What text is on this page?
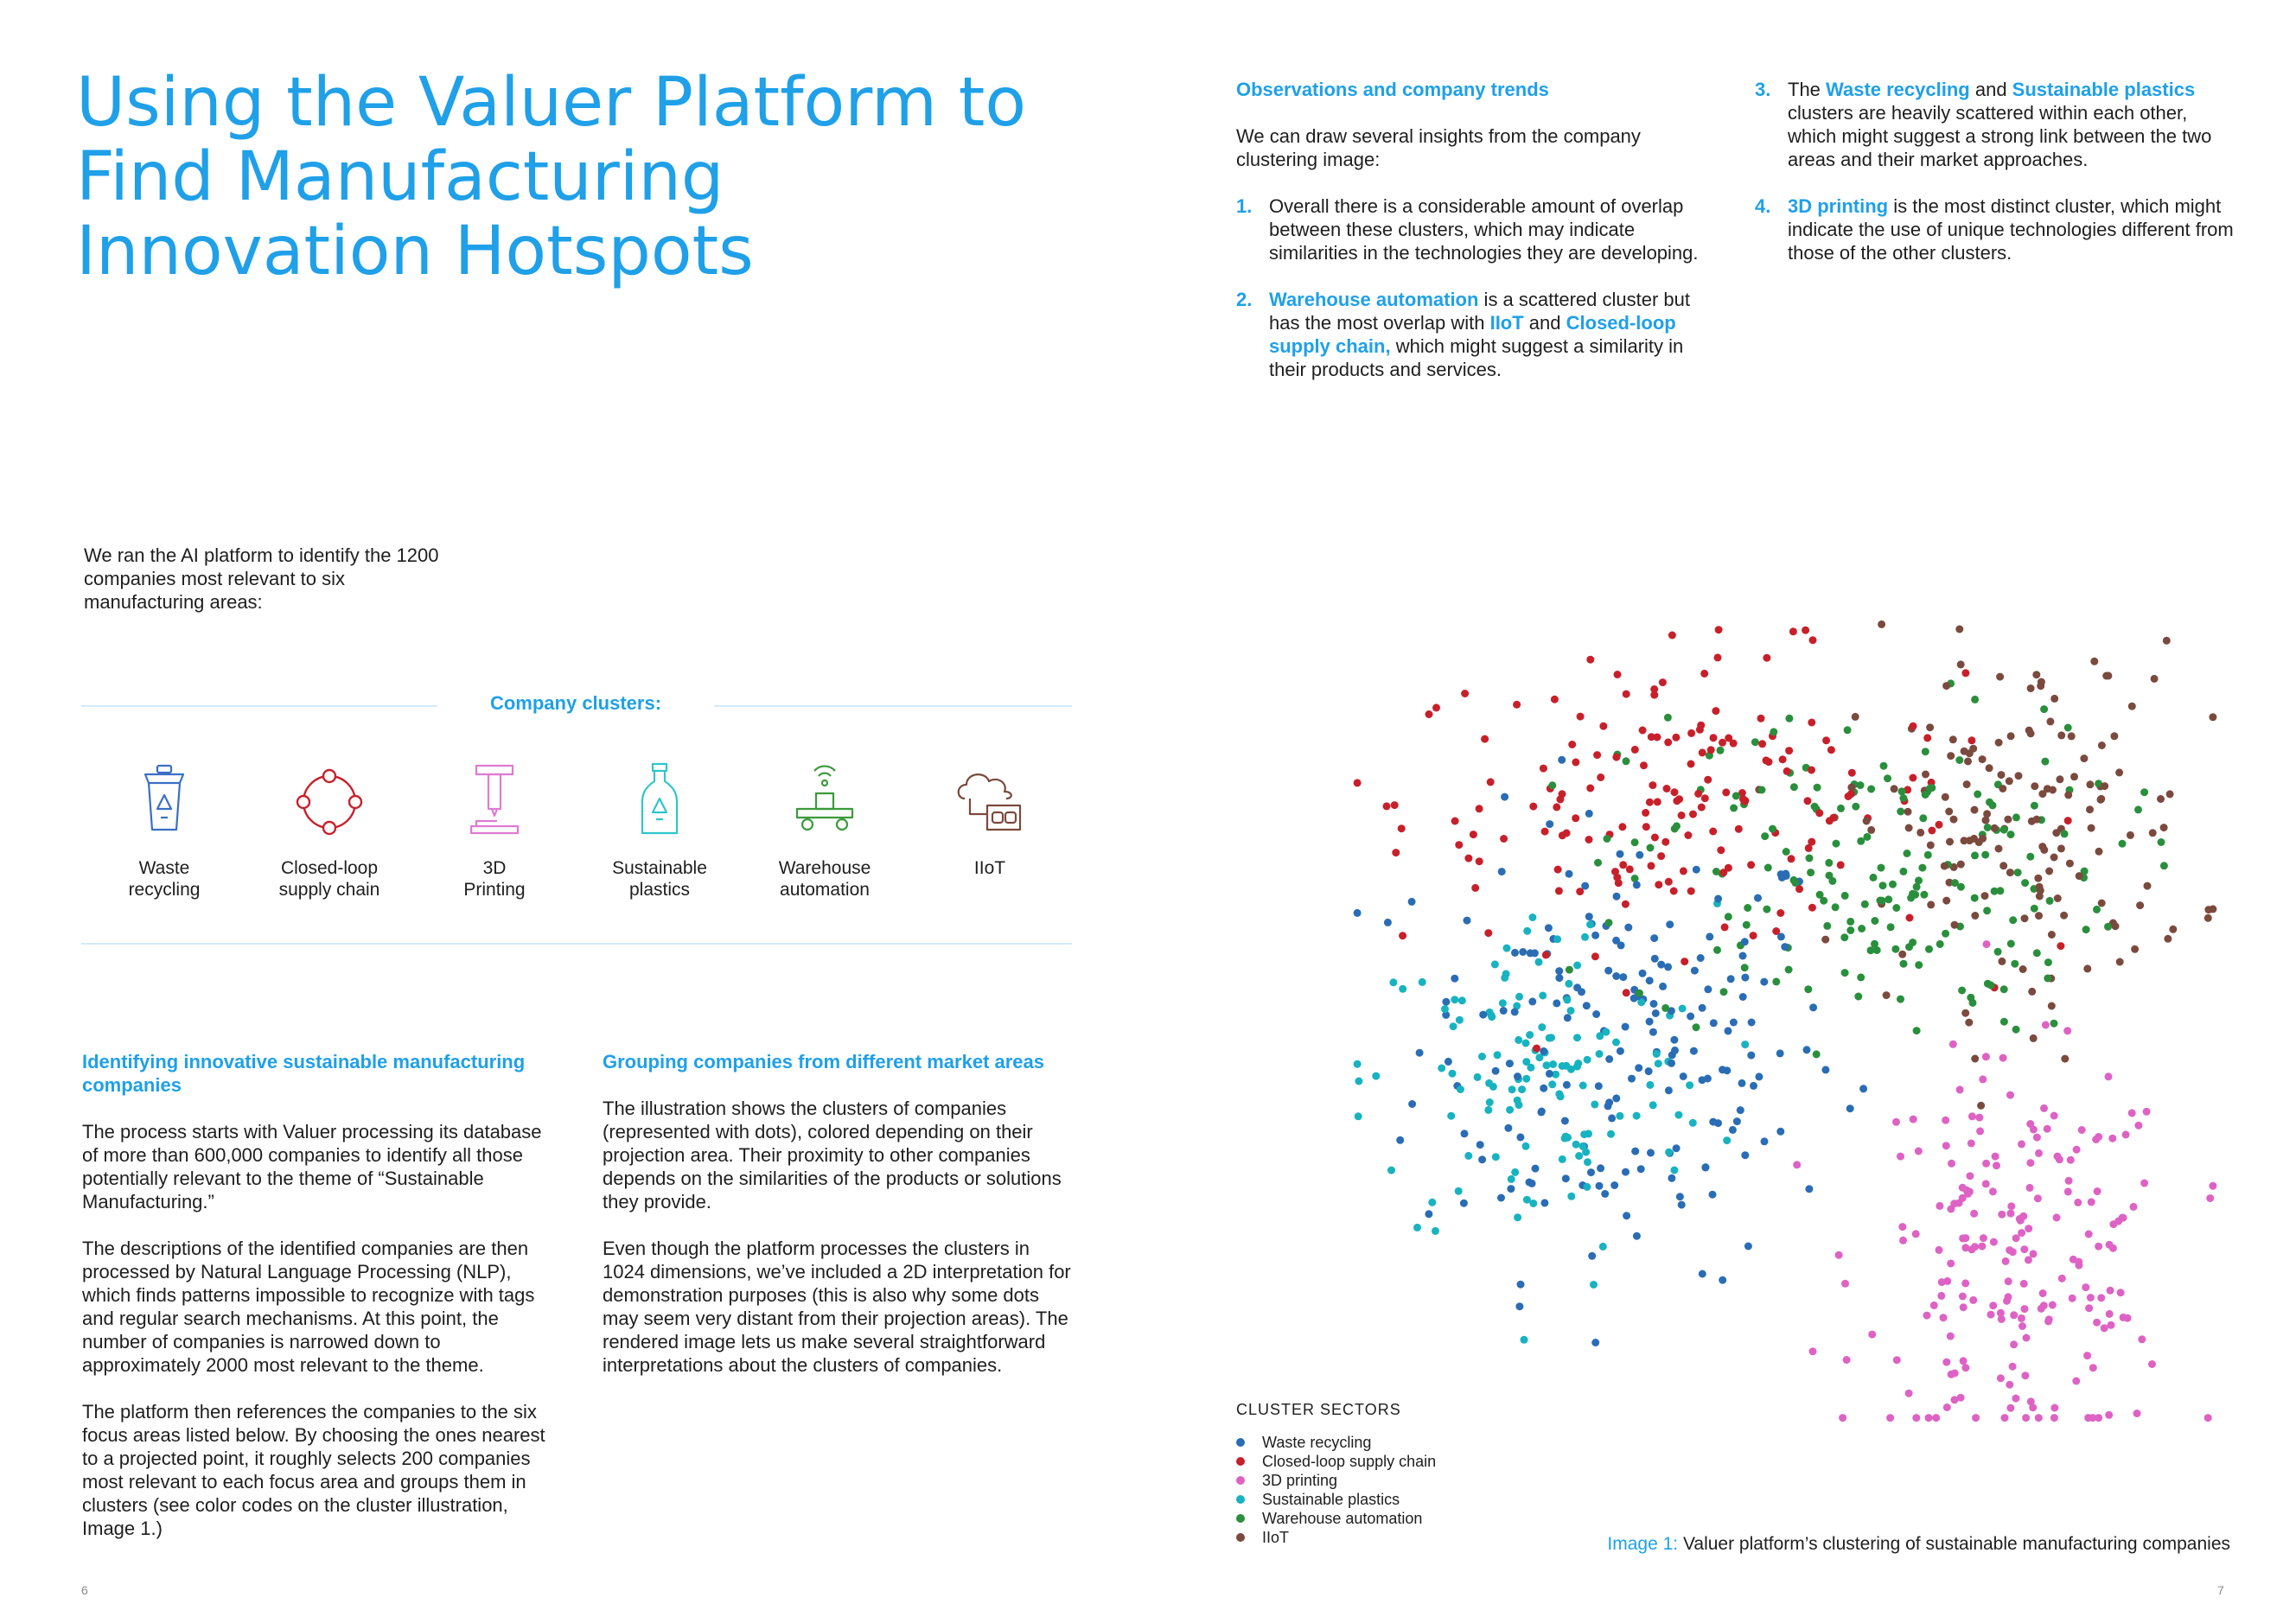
Using the Valuer Platform to Find Manufacturing Innovation Hotspots
We ran the AI platform to identify the 1200 companies most relevant to six manufacturing areas:
Company clusters:
Waste
recycling
Closed-loop
supply chain
3D
Printing
Sustainable
plastics
Warehouse
automation
IIoT

Identifying innovative sustainable manufacturing companies
The process starts with Valuer processing its database of more than 600,000 companies to identify all those potentially relevant to the theme of “Sustainable Manufacturing.”
The descriptions of the identified companies are then processed by Natural Language Processing (NLP), which finds patterns impossible to recognize with tags and regular search mechanisms. At this point, the number of companies is narrowed down to approximately 2000 most relevant to the theme.
The platform then references the companies to the six focus areas listed below. By choosing the ones nearest to a projected point, it roughly selects 200 companies most relevant to each focus area and groups them in clusters (see color codes on the cluster illustration, Image 1.)
Grouping companies from different market areas
The illustration shows the clusters of companies (represented with dots), colored depending on their projection area. Their proximity to other companies depends on the similarities of the products or solutions they provide.
Even though the platform processes the clusters in 1024 dimensions, we’ve included a 2D interpretation for demonstration purposes (this is also why some dots may seem very distant from their projection areas). The rendered image lets us make several straightforward interpretations about the clusters of companies.
Observations and company trends
We can draw several insights from the company clustering image:
1. Overall there is a considerable amount of overlap between these clusters, which may indicate similarities in the technologies they are developing.
2. Warehouse automation is a scattered cluster but has the most overlap with IIoT and Closed-loop supply chain, which might suggest a similarity in their products and services.
3. The Waste recycling and Sustainable plastics clusters are heavily scattered within each other, which might suggest a strong link between the two areas and their market approaches.
4. 3D printing is the most distinct cluster, which might indicate the use of unique technologies different from those of the other clusters.
CLUSTER SECTORS
Waste recycling
Closed-loop supply chain
3D printing
Sustainable plastics
Warehouse automation
IIoT	Image 1: Valuer platform’s clustering of sustainable manufacturing companies
6	7
